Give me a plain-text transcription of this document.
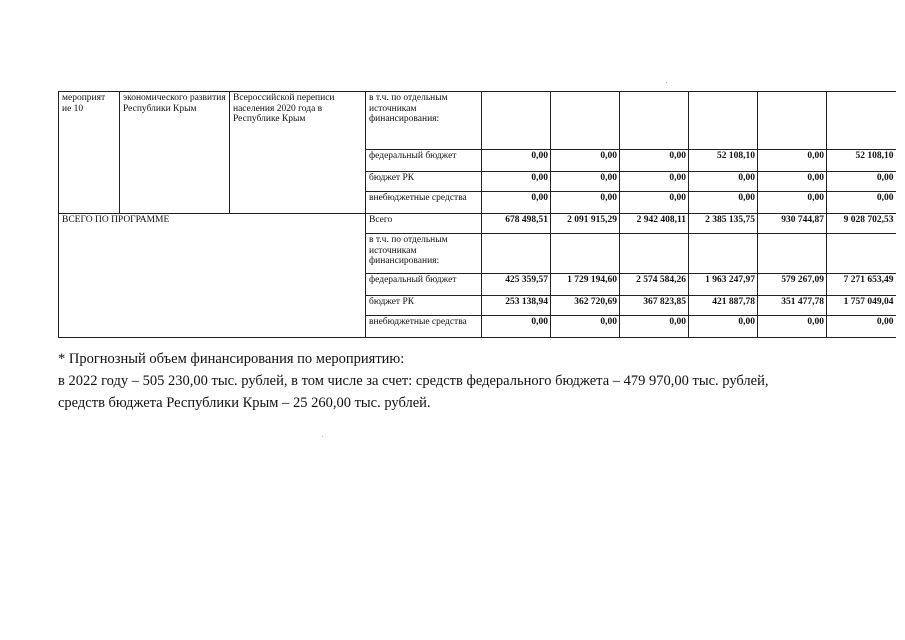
мероприят ие 10	экономического развития Республики Крым	Всероссийской переписи населения 2020 года в Республике Крым	в т.ч. по отдельным источникам финансирования:						
			федеральный бюджет	0,00	0,00	0,00	52 108,10	0,00	52 108,10
			бюджет РК	0,00	0,00	0,00	0,00	0,00	0,00
			внебюджетные средства	0,00	0,00	0,00	0,00	0,00	0,00
ВСЕГО ПО ПРОГРАММЕ			Всего	678 498,51	2 091 915,29	2 942 408,11	2 385 135,75	930 744,87	9 028 702,53
			в т.ч. по отдельным источникам финансирования:						
			федеральный бюджет	425 359,57	1 729 194,60	2 574 584,26	1 963 247,97	579 267,09	7 271 653,49
			бюджет РК	253 138,94	362 720,69	367 823,85	421 887,78	351 477,78	1 757 049,04
			внебюджетные средства	0,00	0,00	0,00	0,00	0,00	0,00
* Прогнозный объем финансирования по мероприятию:
в 2022 году – 505 230,00 тыс. рублей, в том числе за счет: средств федерального бюджета – 479 970,00 тыс. рублей,
средств бюджета Республики Крым – 25 260,00 тыс. рублей.
